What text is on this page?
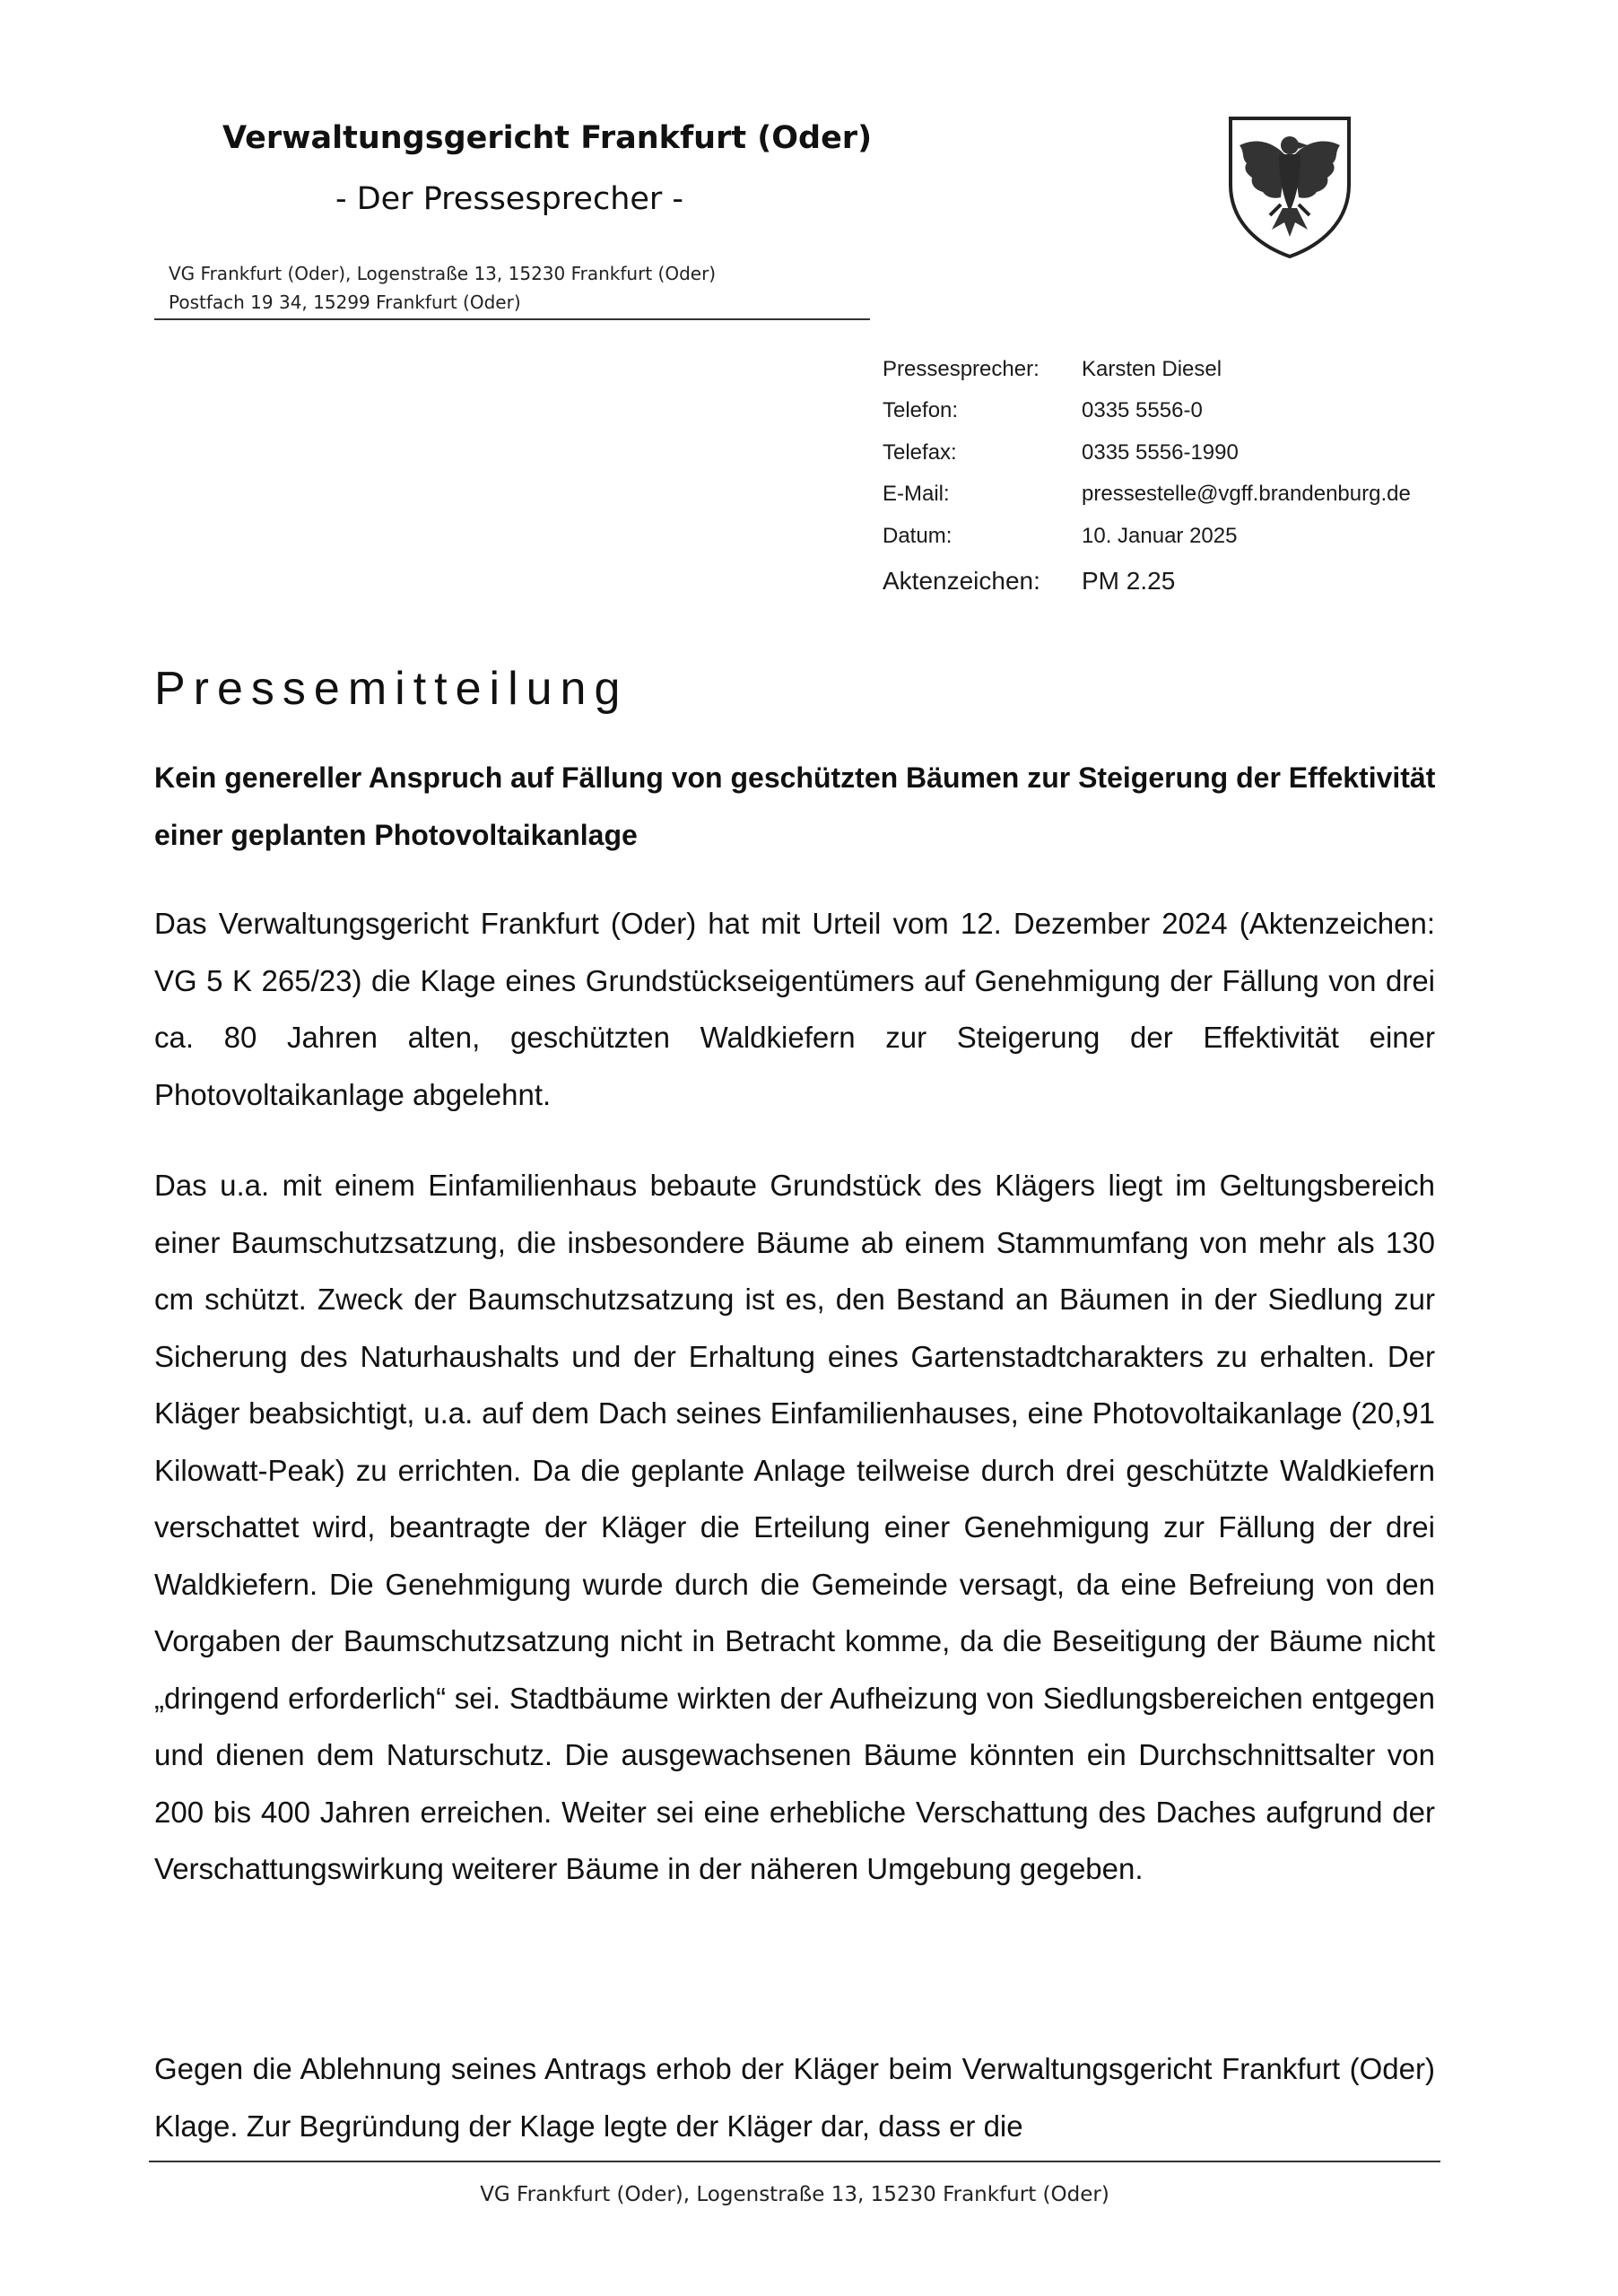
Verwaltungsgericht Frankfurt (Oder)
- Der Pressesprecher -
VG Frankfurt (Oder), Logenstraße 13, 15230 Frankfurt (Oder)
Postfach 19 34, 15299 Frankfurt (Oder)
Pressesprecher: Karsten Diesel
Telefon:	0335 5556-0
Telefax:	0335 5556-1990
E-Mail:	pressestelle@vgff.brandenburg.de
Datum:	10. Januar 2025
Aktenzeichen: PM 2.25
Pressemitteilung
Kein genereller Anspruch auf Fällung von geschützten Bäumen zur Steigerung der Effektivität einer geplanten Photovoltaikanlage
Das Verwaltungsgericht Frankfurt (Oder) hat mit Urteil vom 12. Dezember 2024 (Aktenzeichen: VG 5 K 265/23) die Klage eines Grundstückseigentümers auf Genehmigung der Fällung von drei ca. 80 Jahren alten, geschützten Waldkiefern zur Steigerung der Effektivität einer Photovoltaikanlage abgelehnt.
Das u.a. mit einem Einfamilienhaus bebaute Grundstück des Klägers liegt im Geltungsbereich einer Baumschutzsatzung, die insbesondere Bäume ab einem Stammumfang von mehr als 130 cm schützt. Zweck der Baumschutzsatzung ist es, den Bestand an Bäumen in der Siedlung zur Sicherung des Naturhaushalts und der Erhaltung eines Gartenstadtcharakters zu erhalten. Der Kläger beabsichtigt, u.a. auf dem Dach seines Einfamilienhauses, eine Photovoltaikanlage (20,91 Kilowatt-Peak) zu errichten. Da die geplante Anlage teilweise durch drei geschützte Waldkiefern verschattet wird, beantragte der Kläger die Erteilung einer Genehmigung zur Fällung der drei Waldkiefern. Die Genehmigung wurde durch die Gemeinde versagt, da eine Befreiung von den Vorgaben der Baumschutzsatzung nicht in Betracht komme, da die Beseitigung der Bäume nicht „dringend erforderlich“ sei. Stadtbäume wirkten der Aufheizung von Siedlungsbereichen entgegen und dienen dem Naturschutz. Die ausgewachsenen Bäume könnten ein Durchschnittsalter von 200 bis 400 Jahren erreichen. Weiter sei eine erhebliche Verschattung des Daches aufgrund der Verschattungswirkung weiterer Bäume in der näheren Umgebung gegeben.
Gegen die Ablehnung seines Antrags erhob der Kläger beim Verwaltungsgericht Frankfurt (Oder) Klage. Zur Begründung der Klage legte der Kläger dar, dass er die
VG Frankfurt (Oder), Logenstraße 13, 15230 Frankfurt (Oder)
